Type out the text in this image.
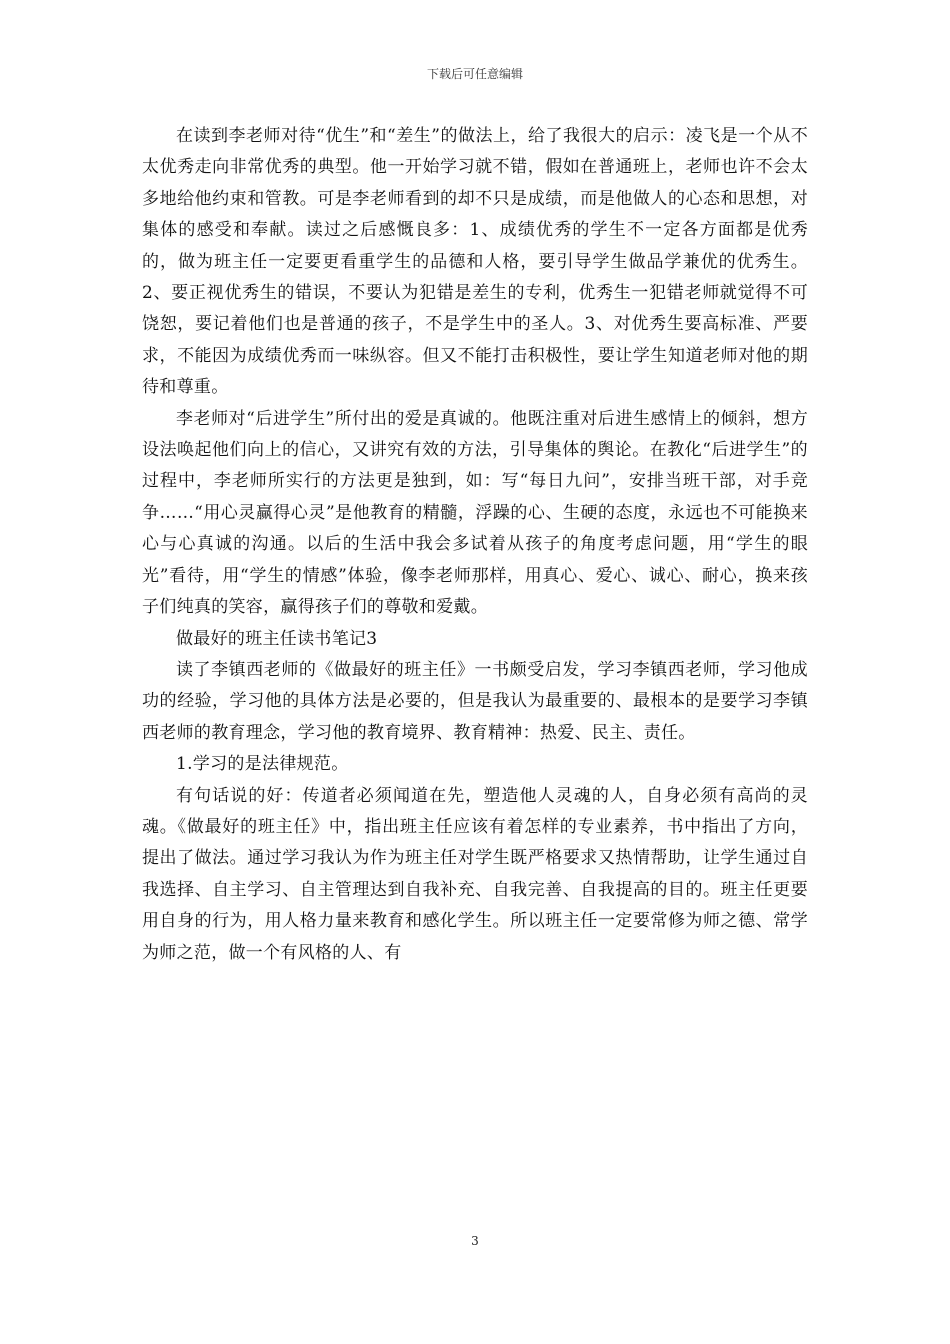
下载后可任意编辑

在读到李老师对待“优生”和“差生”的做法上，给了我很大的启示：凌飞是一个从不太优秀走向非常优秀的典型。他一开始学习就不错，假如在普通班上，老师也许不会太多地给他约束和管教。可是李老师看到的却不只是成绩，而是他做人的心态和思想，对集体的感受和奉献。读过之后感慨良多：1、成绩优秀的学生不一定各方面都是优秀的，做为班主任一定要更看重学生的品德和人格，要引导学生做品学兼优的优秀生。2、要正视优秀生的错误，不要认为犯错是差生的专利，优秀生一犯错老师就觉得不可饶恕，要记着他们也是普通的孩子，不是学生中的圣人。3、对优秀生要高标准、严要求，不能因为成绩优秀而一味纵容。但又不能打击积极性，要让学生知道老师对他的期待和尊重。

李老师对“后进学生”所付出的爱是真诚的。他既注重对后进生感情上的倾斜，想方设法唤起他们向上的信心，又讲究有效的方法，引导集体的舆论。在教化“后进学生”的过程中，李老师所实行的方法更是独到，如：写“每日九问”，安排当班干部，对手竞争……“用心灵赢得心灵”是他教育的精髓，浮躁的心、生硬的态度，永远也不可能换来心与心真诚的沟通。以后的生活中我会多试着从孩子的角度考虑问题，用“学生的眼光”看待，用“学生的情感”体验，像李老师那样，用真心、爱心、诚心、耐心，换来孩子们纯真的笑容，赢得孩子们的尊敬和爱戴。

做最好的班主任读书笔记3

读了李镇西老师的《做最好的班主任》一书颇受启发，学习李镇西老师，学习他成功的经验，学习他的具体方法是必要的，但是我认为最重要的、最根本的是要学习李镇西老师的教育理念，学习他的教育境界、教育精神：热爱、民主、责任。

1.学习的是法律规范。

有句话说的好：传道者必须闻道在先，塑造他人灵魂的人，自身必须有高尚的灵魂。《做最好的班主任》中，指出班主任应该有着怎样的专业素养，书中指出了方向，提出了做法。通过学习我认为作为班主任对学生既严格要求又热情帮助，让学生通过自我选择、自主学习、自主管理达到自我补充、自我完善、自我提高的目的。班主任更要用自身的行为，用人格力量来教育和感化学生。所以班主任一定要常修为师之德、常学为师之范，做一个有风格的人、有

3
